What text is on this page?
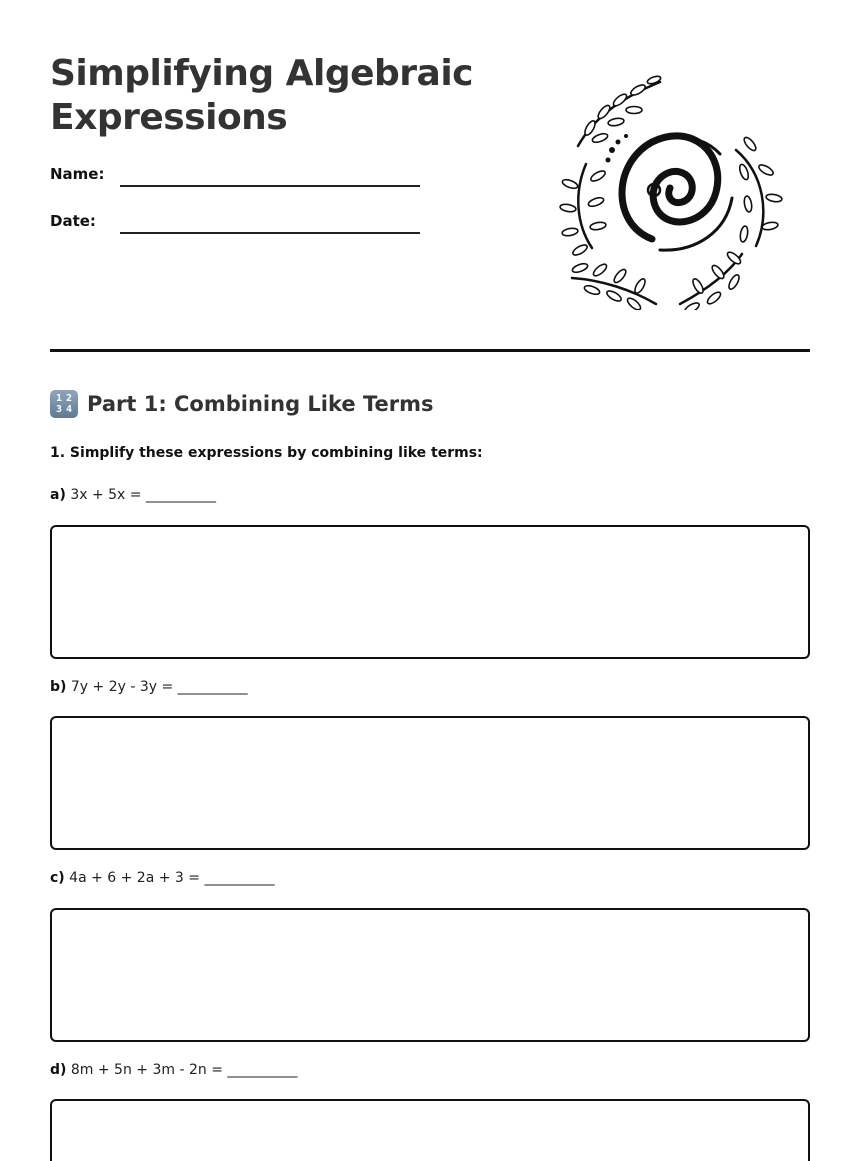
Simplifying Algebraic Expressions
Name:
Date:
1 2
3 4 Part 1: Combining Like Terms
1. Simplify these expressions by combining like terms:
a) 3x + 5x = __________
b) 7y + 2y - 3y = __________
c) 4a + 6 + 2a + 3 = __________
d) 8m + 5n + 3m - 2n = __________
